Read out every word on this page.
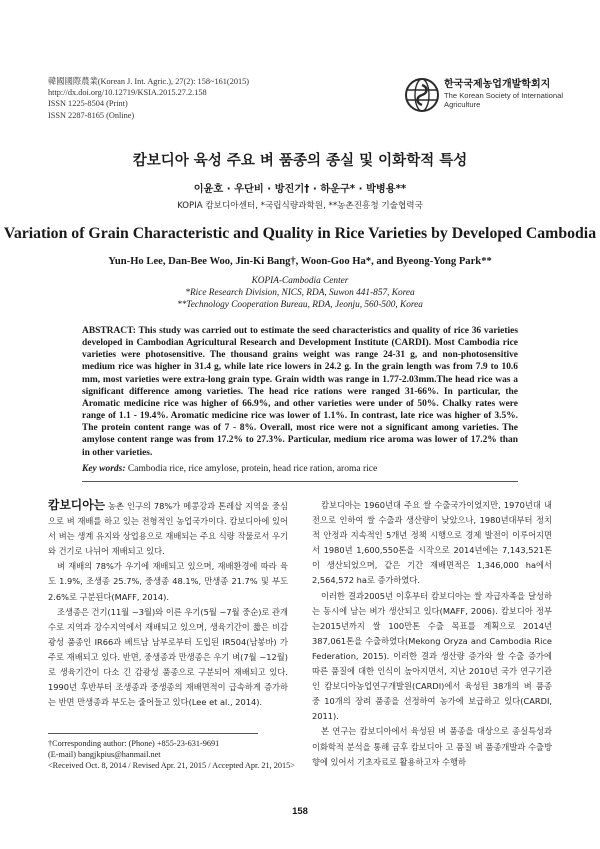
韓國國際農業(Korean J. Int. Agric.), 27(2): 158~161(2015)
http://dx.doi.org/10.12719/KSIA.2015.27.2.158
ISSN 1225-8504 (Print)
ISSN 2287-8165 (Online)
한국국제농업개발학회지
The Korean Society of International
Agriculture
캄보디아 육성 주요 벼 품종의 종실 및 이화학적 특성
이윤호 · 우단비 · 방진기† · 하운구* · 박병용**
KOPIA 캄보디아센터, *국립식량과학원, **농촌진흥청 기술협력국
Variation of Grain Characteristic and Quality in Rice Varieties by Developed Cambodia
Yun-Ho Lee, Dan-Bee Woo, Jin-Ki Bang†, Woon-Goo Ha*, and Byeong-Yong Park**
KOPIA-Cambodia Center
*Rice Research Division, NICS, RDA, Suwon 441-857, Korea
**Technology Cooperation Bureau, RDA, Jeonju, 560-500, Korea
ABSTRACT: This study was carried out to estimate the seed characteristics and quality of rice 36 varieties developed in Cambodian Agricultural Research and Development Institute (CARDI). Most Cambodia rice varieties were photosensitive. The thousand grains weight was range 24-31 g, and non-photosensitive medium rice was higher in 31.4 g, while late rice lowers in 24.2 g. In the grain length was from 7.9 to 10.6 mm, most varieties were extra-long grain type. Grain width was range in 1.77-2.03mm.The head rice was a significant difference among varieties. The head rice rations were ranged 31-66%. In particular, the Aromatic medicine rice was higher of 66.9%, and other varieties were under of 50%. Chalky rates were range of 1.1 - 19.4%. Aromatic medicine rice was lower of 1.1%. In contrast, late rice was higher of 3.5%. The protein content range was of 7 - 8%. Overall, most rice were not a significant among varieties. The amylose content range was from 17.2% to 27.3%. Particular, medium rice aroma was lower of 17.2% than in other varieties.
Key words: Cambodia rice, rice amylose, protein, head rice ration, aroma rice

캄보디아는 농촌 인구의 78%가 메콩강과 톤레삽 지역을 중심으로 벼 재배를 하고 있는 전형적인 농업국가이다. 캄보디아에 있어서 벼는 생계 유지와 상업용으로 재배되는 주요 식량 작물로서 우기와 건기로 나뉘어 재배되고 있다.

벼 재배의 78%가 우기에 재배되고 있으며, 재배환경에 따라 육도 1.9%, 조생종 25.7%, 중생종 48.1%, 만생종 21.7% 및 부도 2.6%로 구분된다(MAFF, 2014).

조생종은 건기(11월 ~3월)와 이른 우기(5월 ~7월 중순)로 관개수로 지역과 강수지역에서 재배되고 있으며, 생육기간이 짧은 비감광성 품종인 IR66과 베트남 남부로부터 도입된 IR504(남봉바) 가 주로 재배되고 있다. 반면, 중생종과 만생종은 우기 벼(7월 ~12월)로 생육기간이 다소 긴 감광성 품종으로 구분되어 재배되고 있다. 1990년 후반부터 조생종과 중생종의 재배면적이 급속하게 증가하는 반면 만생종과 부도는 줄어들고 있다(Lee et al., 2014).

캄보디아는 1960년대 주요 쌀 수출국가이었지만, 1970년대 내전으로 인하여 쌀 수출과 생산량이 낮았으나, 1980년대부터 정치적 안정과 지속적인 5개년 정책 시행으로 경제 발전이 이루어지면서 1980년 1,600,550톤을 시작으로 2014년에는 7,143,521톤이 생산되었으며, 같은 기간 재배면적은 1,346,000 ha에서 2,564,572 ha로 증가하였다.

이러한 결과2005년 이후부터 캄보디아는 쌀 자급자족을 달성하는 동시에 남는 벼가 생산되고 있다(MAFF, 2006). 캄보디아 정부는2015년까지 쌀 100만톤 수출 목표를 계획으로 2014년 387,061톤을 수출하였다(Mekong Oryza and Cambodia Rice Federation, 2015). 이러한 결과 생산량 증가와 쌀 수출 증가에 따른 품질에 대한 인식이 높아지면서, 지난 2010년 국가 연구기관인 캄보디아농업연구개발원(CARDI)에서 육성된 38개의 벼 품종 중 10개의 장려 품종을 선정하여 농가에 보급하고 있다(CARDI, 2011).

본 연구는 캄보디아에서 육성된 벼 품종을 대상으로 종실특성과 이화학적 분석을 통해 금후 캄보디아 고 품질 벼 품종개발과 수출방향에 있어서 기초자료로 활용하고자 수행하

†Corresponding author: (Phone) +855-23-631-9691
(E-mail) bangjkpius@hanmail.net
<Received Oct. 8, 2014 / Revised Apr. 21, 2015 / Accepted Apr. 21, 2015>
158
